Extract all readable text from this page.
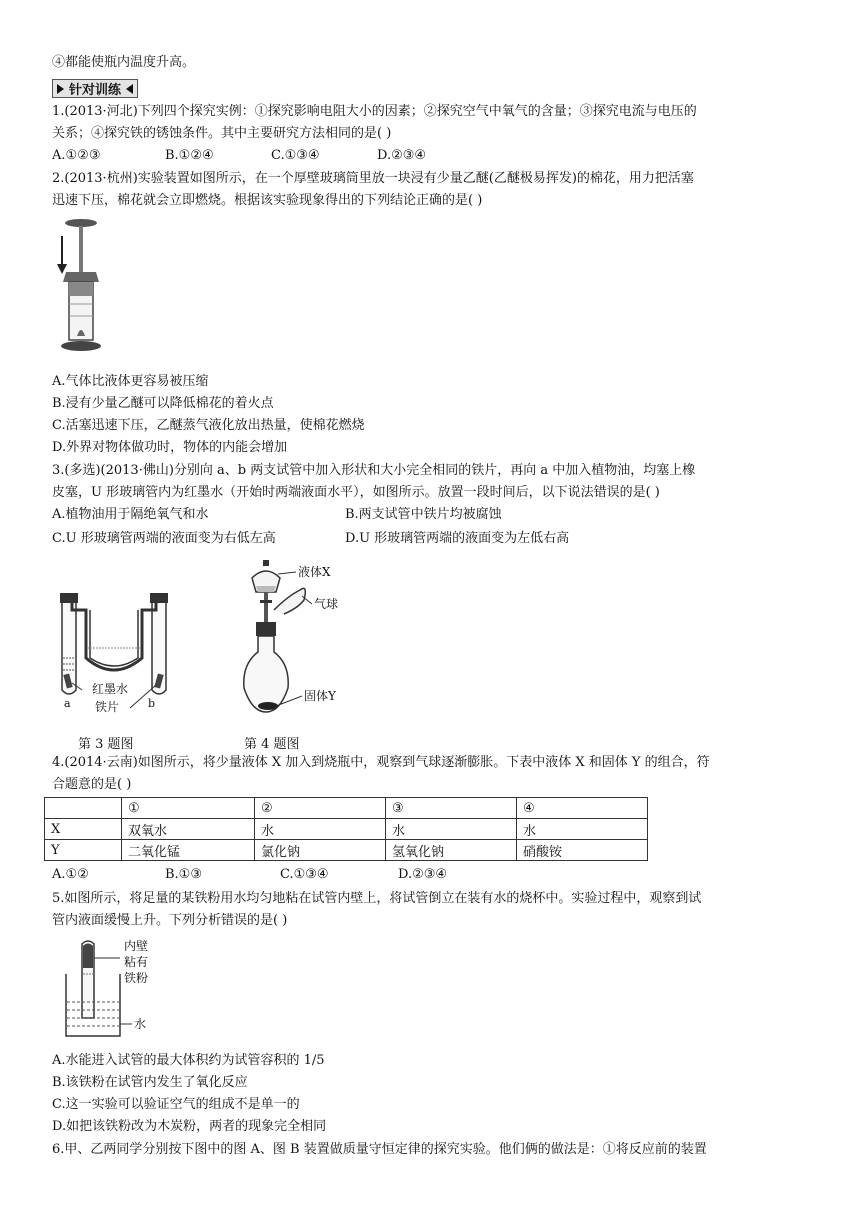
④都能使瓶内温度升高。
针对训练
1.(2013·河北)下列四个探究实例：①探究影响电阻大小的因素；②探究空气中氧气的含量；③探究电流与电压的
关系；④探究铁的锈蚀条件。其中主要研究方法相同的是( )
A.①②③	B.①②④	C.①③④	D.②③④
2.(2013·杭州)实验装置如图所示，在一个厚壁玻璃筒里放一块浸有少量乙醚(乙醚极易挥发)的棉花，用力把活塞
迅速下压，棉花就会立即燃烧。根据该实验现象得出的下列结论正确的是( )
A.气体比液体更容易被压缩
B.浸有少量乙醚可以降低棉花的着火点
C.活塞迅速下压，乙醚蒸气液化放出热量，使棉花燃烧
D.外界对物体做功时，物体的内能会增加
3.(多选)(2013·佛山)分别向 a、b 两支试管中加入形状和大小完全相同的铁片，再向 a 中加入植物油，均塞上橡
皮塞，U 形玻璃管内为红墨水（开始时两端液面水平），如图所示。放置一段时间后，以下说法错误的是( )
A.植物油用于隔绝氧气和水	B.两支试管中铁片均被腐蚀
C.U 形玻璃管两端的液面变为右低左高	D.U 形玻璃管两端的液面变为左低右高
红墨水
铁片
a	b
液体X
气球
固体Y
第 3 题图	第 4 题图
4.(2014·云南)如图所示，将少量液体 X 加入到烧瓶中，观察到气球逐渐膨胀。下表中液体 X 和固体 Y 的组合，符
合题意的是( )
	①	②	③	④
X	双氧水	水	水	水
Y	二氧化锰	氯化钠	氢氧化钠	硝酸铵
A.①②	B.①③	C.①③④	D.②③④
5.如图所示，将足量的某铁粉用水均匀地粘在试管内壁上，将试管倒立在装有水的烧杯中。实验过程中，观察到试
管内液面缓慢上升。下列分析错误的是( )
内壁
粘有
铁粉
水
A.水能进入试管的最大体积约为试管容积的 1/5
B.该铁粉在试管内发生了氧化反应
C.这一实验可以验证空气的组成不是单一的
D.如把该铁粉改为木炭粉，两者的现象完全相同
6.甲、乙两同学分别按下图中的图 A、图 B 装置做质量守恒定律的探究实验。他们俩的做法是：①将反应前的装置
